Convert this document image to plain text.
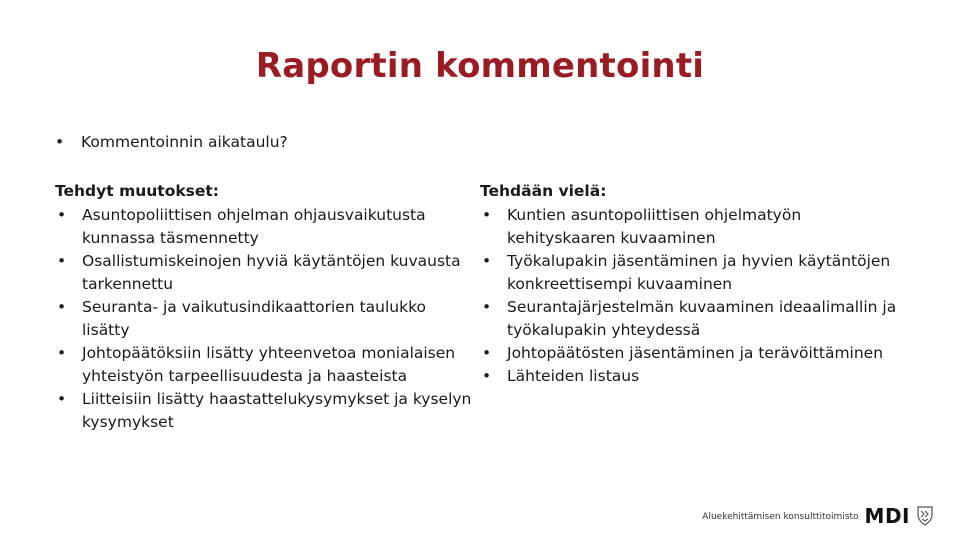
Raportin kommentointi
•	Kommentoinnin aikataulu?
Tehdyt muutokset:
• Asuntopoliittisen ohjelman ohjausvaikutusta kunnassa täsmennetty
• Osallistumiskeinojen hyviä käytäntöjen kuvausta tarkennettu
• Seuranta- ja vaikutusindikaattorien taulukko lisätty
• Johtopäätöksiin lisätty yhteenvetoa monialaisen yhteistyön tarpeellisuudesta ja haasteista
• Liitteisiin lisätty haastattelukysymykset ja kyselyn kysymykset
Tehdään vielä:
• Kuntien asuntopoliittisen ohjelmatyön kehityskaaren kuvaaminen
• Työkalupakin jäsentäminen ja hyvien käytäntöjen konkreettisempi kuvaaminen
• Seurantajärjestelmän kuvaaminen ideaalimallin ja työkalupakin yhteydessä
• Johtopäätösten jäsentäminen ja terävöittäminen
• Lähteiden listaus
Aluekehittämisen konsulttitoimisto MDI
